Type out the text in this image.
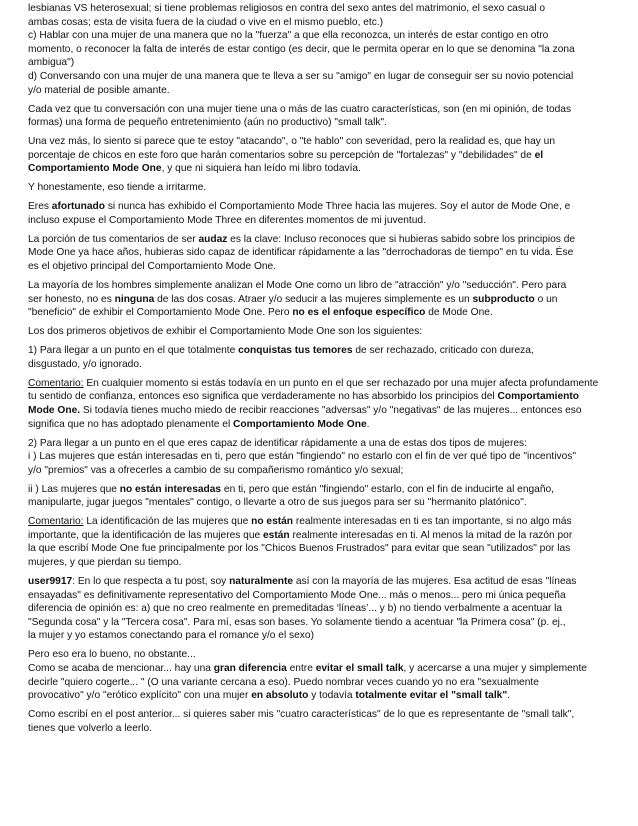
lesbianas VS heterosexual; si tiene problemas religiosos en contra del sexo antes del matrimonio, el sexo casual o
ambas cosas; esta de visita fuera de la ciudad o vive en el mismo pueblo, etc.)
c) Hablar con una mujer de una manera que no la "fuerza" a que ella reconozca, un interés de estar contigo en otro
momento, o reconocer la falta de interés de estar contigo (es decir, que le permita operar en lo que se denomina "la zona
ambigua")
d) Conversando con una mujer de una manera que te lleva a ser su "amigo" en lugar de conseguir ser su novio potencial
y/o material de posible amante.

Cada vez que tu conversación con una mujer tiene una o más de las cuatro características, son (en mi opinión, de todas
formas) una forma de pequeño entretenimiento (aún no productivo) "small talk".

Una vez más, lo siento si parece que te estoy "atacando", o "te hablo" con severidad, pero la realidad es, que hay un
porcentaje de chicos en este foro que harán comentarios sobre su percepción de "fortalezas" y "debilidades" de el
Comportamiento Mode One, y que ni siquiera han leído mi libro todavía.

Y honestamente, eso tiende a irritarme.

Eres afortunado si nunca has exhibido el Comportamiento Mode Three hacia las mujeres. Soy el autor de Mode One, e
incluso expuse el Comportamiento Mode Three en diferentes momentos de mi juventud.

La porción de tus comentarios de ser audaz es la clave: Incluso reconoces que si hubieras sabido sobre los principios de
Mode One ya hace años, hubieras sido capaz de identificar rápidamente a las "derrochadoras de tiempo" en tu vida. Ése
es el objetivo principal del Comportamiento Mode One.

La mayoría de los hombres simplemente analizan el Mode One como un libro de "atracción" y/o "seducción". Pero para
ser honesto, no es ninguna de las dos cosas. Atraer y/o seducir a las mujeres simplemente es un subproducto o un
"beneficio" de exhibir el Comportamiento Mode One. Pero no es el enfoque específico de Mode One.

Los dos primeros objetivos de exhibir el Comportamiento Mode One son los siguientes:

1) Para llegar a un punto en el que totalmente conquistas tus temores de ser rechazado, criticado con dureza,
disgustado, y/o ignorado.

Comentario: En cualquier momento si estás todavía en un punto en el que ser rechazado por una mujer afecta profundamente
tu sentido de confianza, entonces eso significa que verdaderamente no has absorbido los principios del Comportamiento
Mode One. Si todavía tienes mucho miedo de recibir reacciones "adversas" y/o "negativas" de las mujeres... entonces eso
significa que no has adoptado plenamente el Comportamiento Mode One.

2) Para llegar a un punto en el que eres capaz de identificar rápidamente a una de estas dos tipos de mujeres:
i ) Las mujeres que están interesadas en ti, pero que están "fingiendo" no estarlo con el fin de ver qué tipo de "incentivos"
y/o "premios" vas a ofrecerles a cambio de su compañerismo romántico y/o sexual;

ii ) Las mujeres que no están interesadas en ti, pero que están "fingiendo" estarlo, con el fin de inducirte al engaño,
manipularte, jugar juegos "mentales" contigo, o llevarte a otro de sus juegos para ser su "hermanito platónico".

Comentario: La identificación de las mujeres que no están realmente interesadas en ti es tan importante, si no algo más
importante, que la identificación de las mujeres que están realmente interesadas en ti. Al menos la mitad de la razón por
la que escribí Mode One fue principalmente por los "Chicos Buenos Frustrados" para evitar que sean "utilizados" por las
mujeres, y que pierdan su tiempo.

user9917: En lo que respecta a tu post, soy naturalmente así con la mayoría de las mujeres. Esa actitud de esas "líneas
ensayadas" es definitivamente representativo del Comportamiento Mode One... más o menos... pero mi única pequeña
diferencia de opinión es: a) que no creo realmente en premeditadas ‘líneas’... y b) no tiendo verbalmente a acentuar la
"Segunda cosa" y la "Tercera cosa". Para mí, esas son bases. Yo solamente tiendo a acentuar "la Primera cosa" (p. ej.,
la mujer y yo estamos conectando para el romance y/o el sexo)

Pero eso era lo bueno, no obstante...
Como se acaba de mencionar... hay una gran diferencia entre evitar el small talk, y acercarse a una mujer y simplemente
decirle "quiero cogerte... " (O una variante cercana a eso). Puedo nombrar veces cuando yo no era "sexualmente
provocativo" y/o "erótico explícito" con una mujer en absoluto y todavía totalmente evitar el "small talk".

Como escribí en el post anterior... si quieres saber mis "cuatro características" de lo que es representante de "small talk",
tienes que volverlo a leerlo.
